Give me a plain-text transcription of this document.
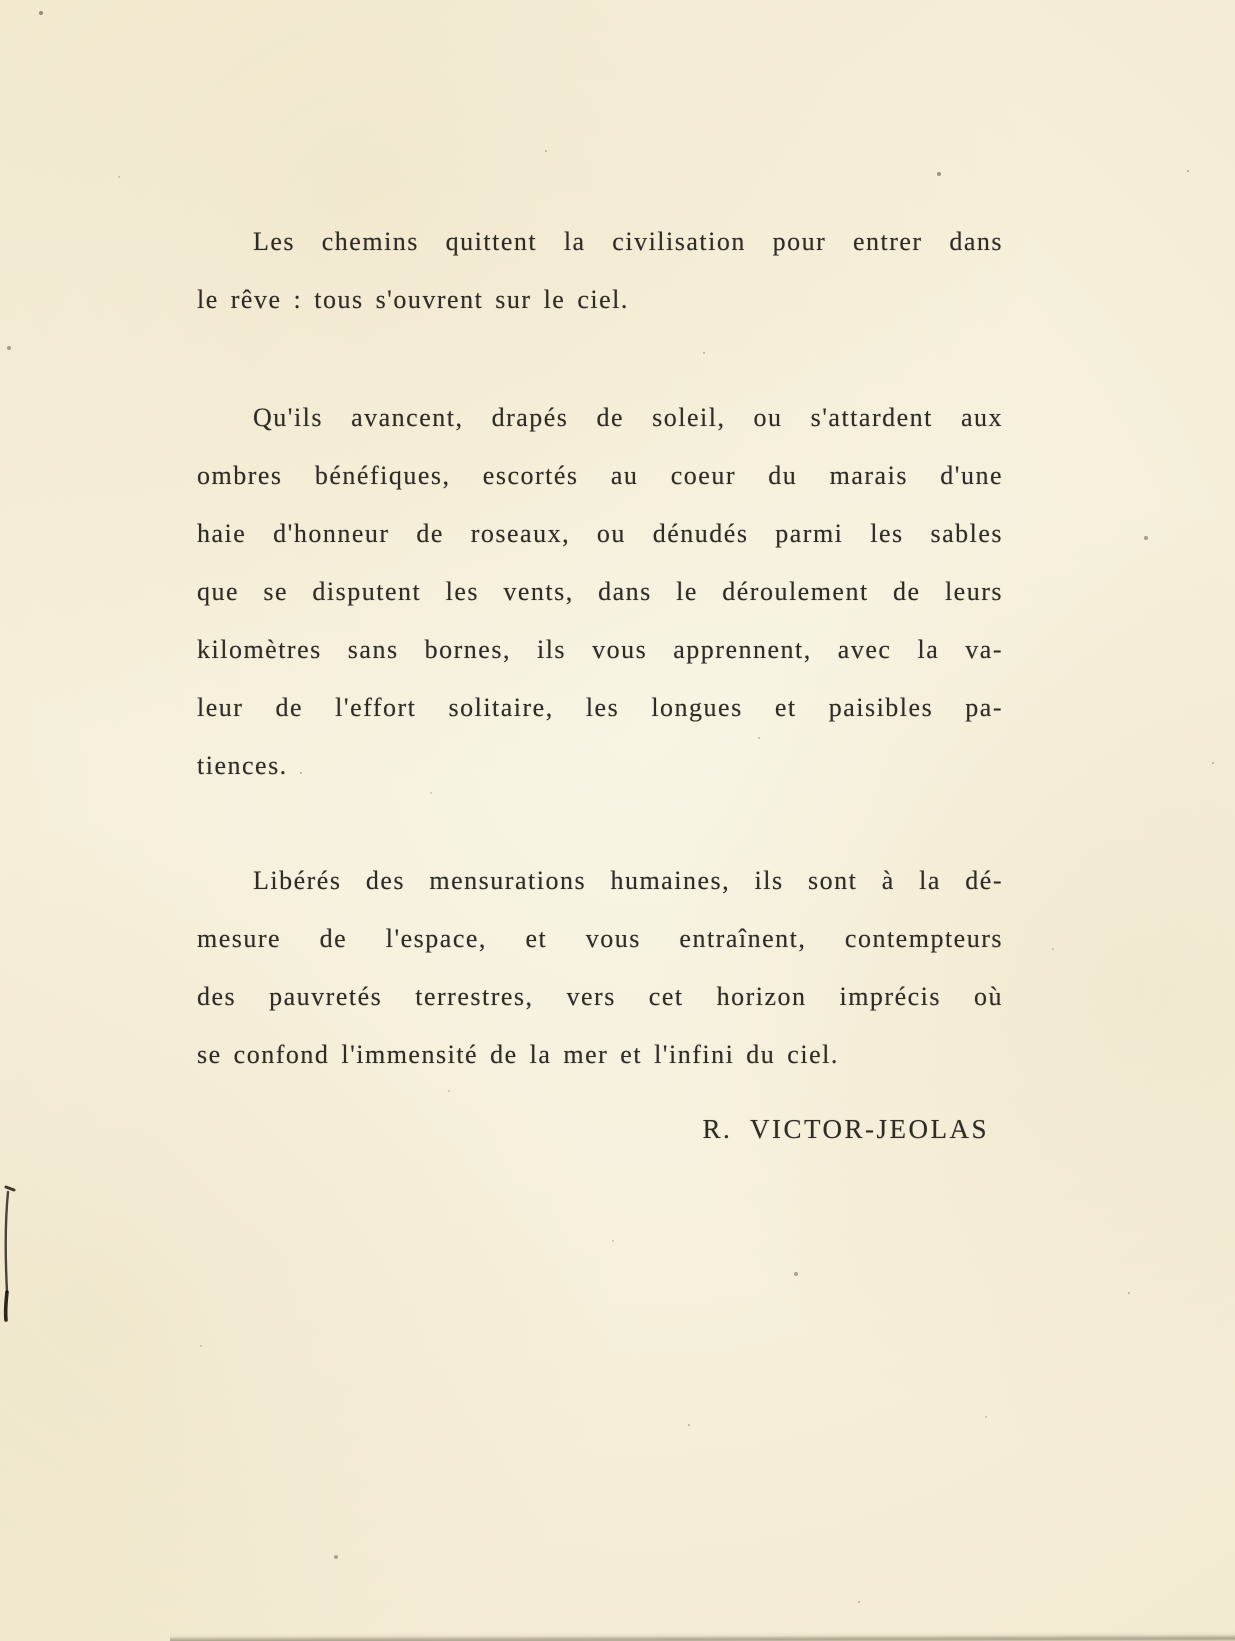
Les chemins quittent la civilisation pour entrer dans
le rêve : tous s'ouvrent sur le ciel.

Qu'ils avancent, drapés de soleil, ou s'attardent aux
ombres bénéfiques, escortés au coeur du marais d'une
haie d'honneur de roseaux, ou dénudés parmi les sables
que se disputent les vents, dans le déroulement de leurs
kilomètres sans bornes, ils vous apprennent, avec la va-
leur de l'effort solitaire, les longues et paisibles pa-
tiences.

Libérés des mensurations humaines, ils sont à la dé-
mesure de l'espace, et vous entraînent, contempteurs
des pauvretés terrestres, vers cet horizon imprécis où
se confond l'immensité de la mer et l'infini du ciel.

R. VICTOR-JEOLAS
